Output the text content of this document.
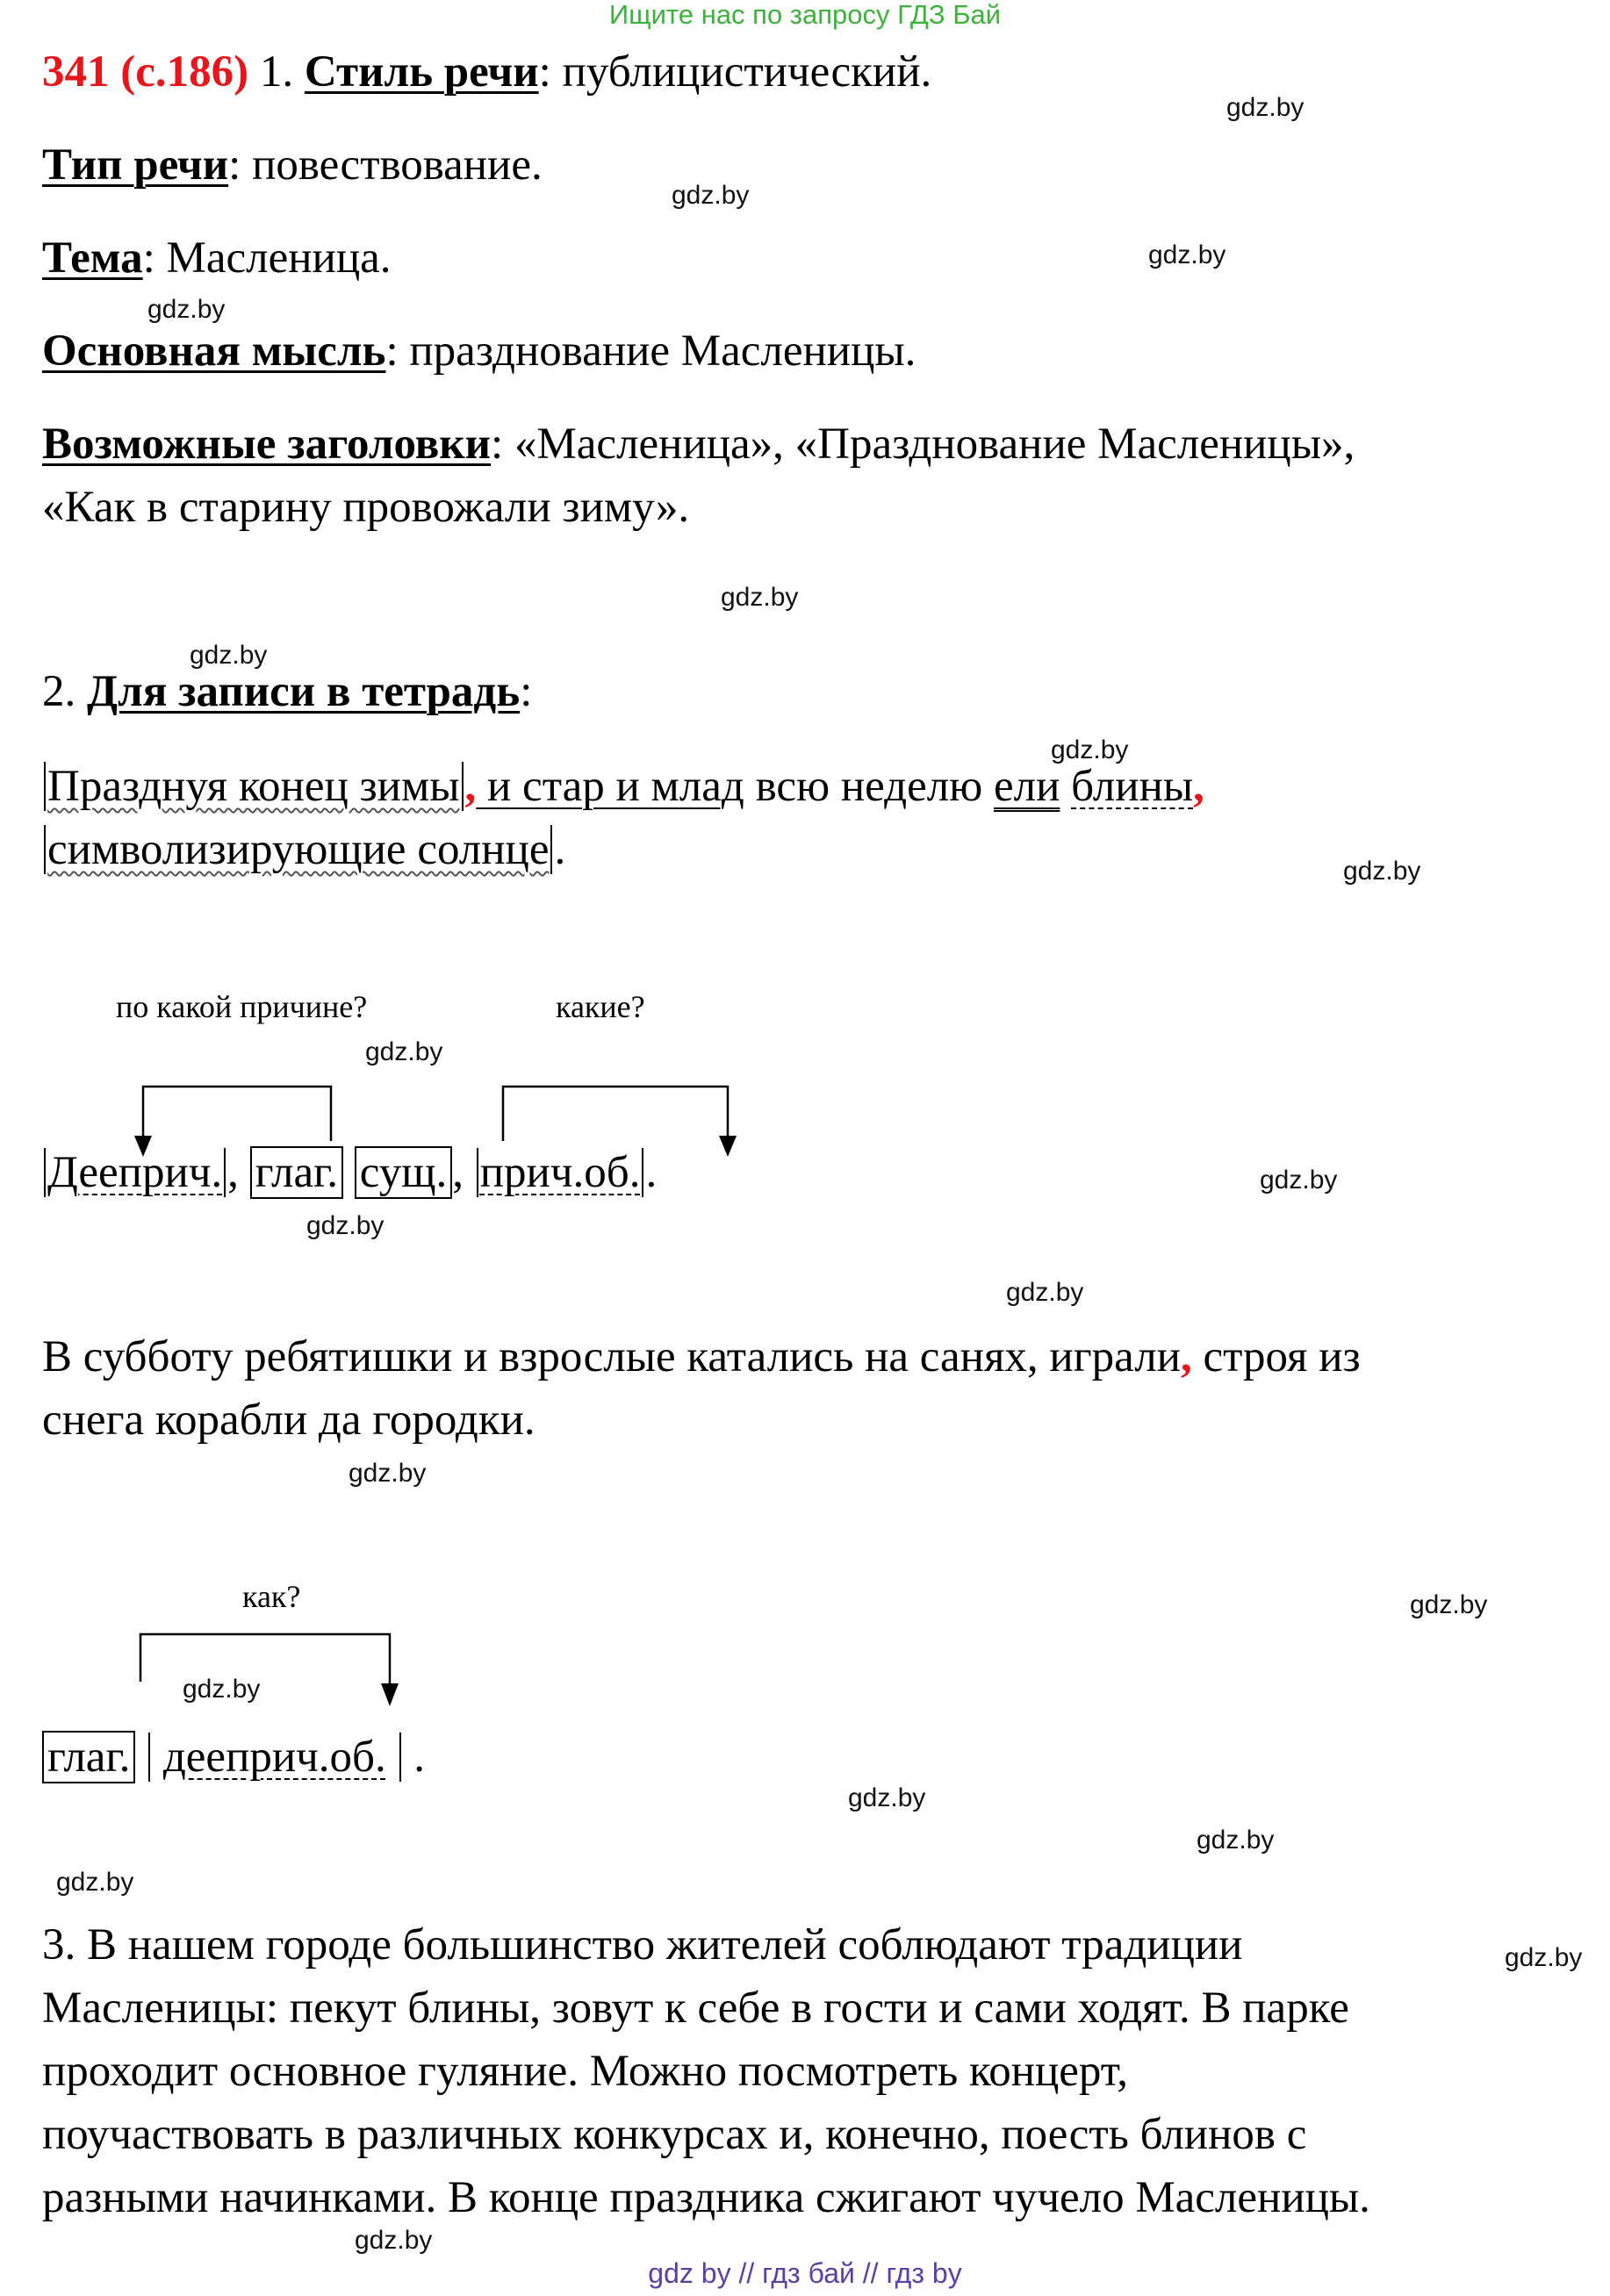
Ищите нас по запросу ГДЗ Бай
341 (с.186) 1. Стиль речи: публицистический.
Тип речи: повествование.
Тема: Масленица.
Основная мысль: празднование Масленицы.
Возможные заголовки: «Масленица», «Празднование Масленицы»,
«Как в старину провожали зиму».
2. Для записи в тетрадь:
Празднуя конец зимы , и стар и млад всю неделю ели блины,
символизирующие солнце .
по какой причине?	какие?
Дееприч. , глаг. сущ. , прич.об. .
В субботу ребятишки и взрослые катались на санях, играли, строя из
снега корабли да городки.
как?
глаг. дееприч.об.  .
3. В нашем городе большинство жителей соблюдают традиции
Масленицы: пекут блины, зовут к себе в гости и сами ходят. В парке
проходит основное гуляние. Можно посмотреть концерт,
поучаствовать в различных конкурсах и, конечно, поесть блинов с
разными начинками. В конце праздника сжигают чучело Масленицы.
gdz.by
gdz.by
gdz.by
gdz.by
gdz.by
gdz.by
gdz.by
gdz.by
gdz.by
gdz.by
gdz.by
gdz.by
gdz.by
gdz.by
gdz.by
gdz.by
gdz.by
gdz.by
gdz.by
gdz.by
gdz by // гдз бай // гдз by
